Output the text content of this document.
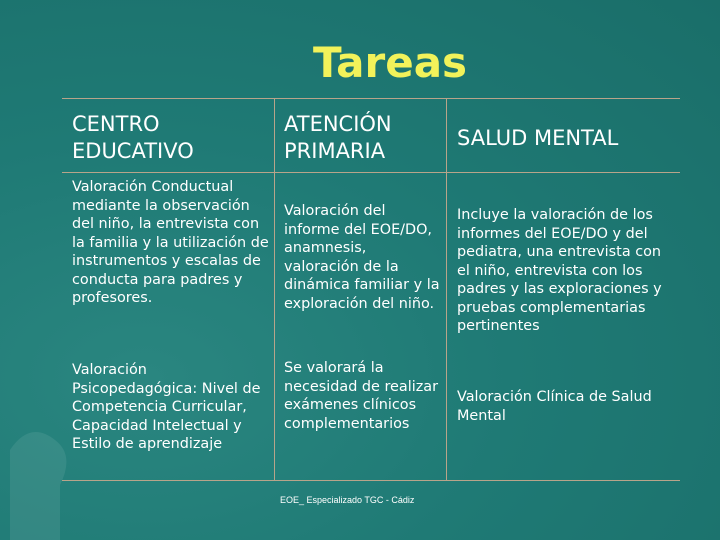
Tareas
CENTRO
EDUCATIVO
ATENCIÓN
PRIMARIA
SALUD MENTAL
Valoración Conductual mediante la observación del niño, la entrevista con la familia y la utilización de instrumentos y escalas de conducta para padres y profesores.
Valoración Psicopedagógica: Nivel de Competencia Curricular, Capacidad Intelectual y Estilo de aprendizaje
Valoración del informe del EOE/DO, anamnesis, valoración de la dinámica familiar y la exploración del niño.
Se valorará la necesidad de realizar exámenes clínicos complementarios
Incluye la valoración de los informes del EOE/DO y del pediatra, una entrevista con el niño, entrevista con los padres y las exploraciones y pruebas complementarias pertinentes
Valoración Clínica de Salud Mental
EOE_ Especializado TGC - Cádiz
